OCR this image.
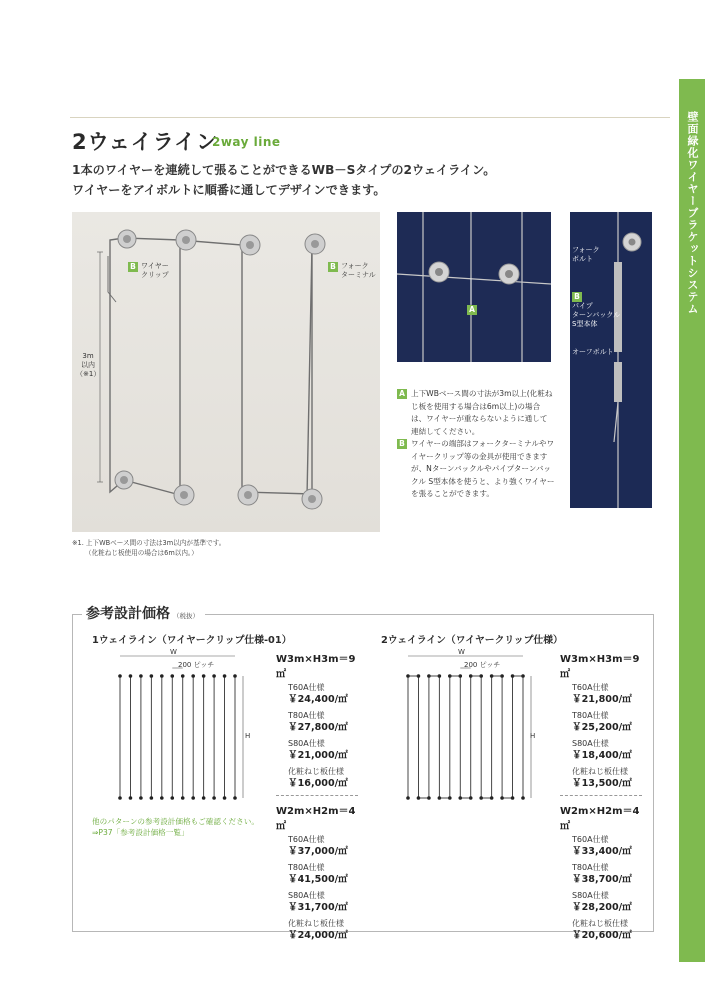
壁面緑化ワイヤーブラケットシステム
2ウェイライン
2way line
1本のワイヤーを連続して張ることができるWB－Sタイプの2ウェイライン。
ワイヤーをアイボルトに順番に通してデザインできます。
B ワイヤー
クリップ
B フォーク
ターミナル
3m
以内
（※1）
A
フォーク
ボルト
B
パイプ
ターンバックル
S型本体
オーフボルト
A 上下WBベース間の寸法が3m以上(化粧ねじ板を使用する場合は6m以上)の場合は、ワイヤーが重ならないように通して連結してください。

B ワイヤーの端部はフォークターミナルやワイヤークリップ等の金具が使用できますが、Nターンバックルやパイプターンバックル S型本体を使うと、より強くワイヤーを張ることができます。

※1. 上下WBベース間の寸法は3m以内が基準です。
（化粧ねじ板使用の場合は6m以内。）
参考設計価格 （税抜）
1ウェイライン（ワイヤークリップ仕様-01）	2ウェイライン（ワイヤークリップ仕様）
W
200 ピッチ
H
W
200 ピッチ
H
他のパターンの参考設計価格もご確認ください。
⇒P37「参考設計価格一覧」
W3m×H3m＝9㎡
T60A仕様
￥24,400/㎡
T80A仕様
￥27,800/㎡
S80A仕様
￥21,000/㎡
化粧ねじ板仕様
￥16,000/㎡
W2m×H2m＝4㎡
T60A仕様
￥37,000/㎡
T80A仕様
￥41,500/㎡
S80A仕様
￥31,700/㎡
化粧ねじ板仕様
￥24,000/㎡
W3m×H3m＝9㎡
T60A仕様
￥21,800/㎡
T80A仕様
￥25,200/㎡
S80A仕様
￥18,400/㎡
化粧ねじ板仕様
￥13,500/㎡
W2m×H2m＝4㎡
T60A仕様
￥33,400/㎡
T80A仕様
￥38,700/㎡
S80A仕様
￥28,200/㎡
化粧ねじ板仕様
￥20,600/㎡
